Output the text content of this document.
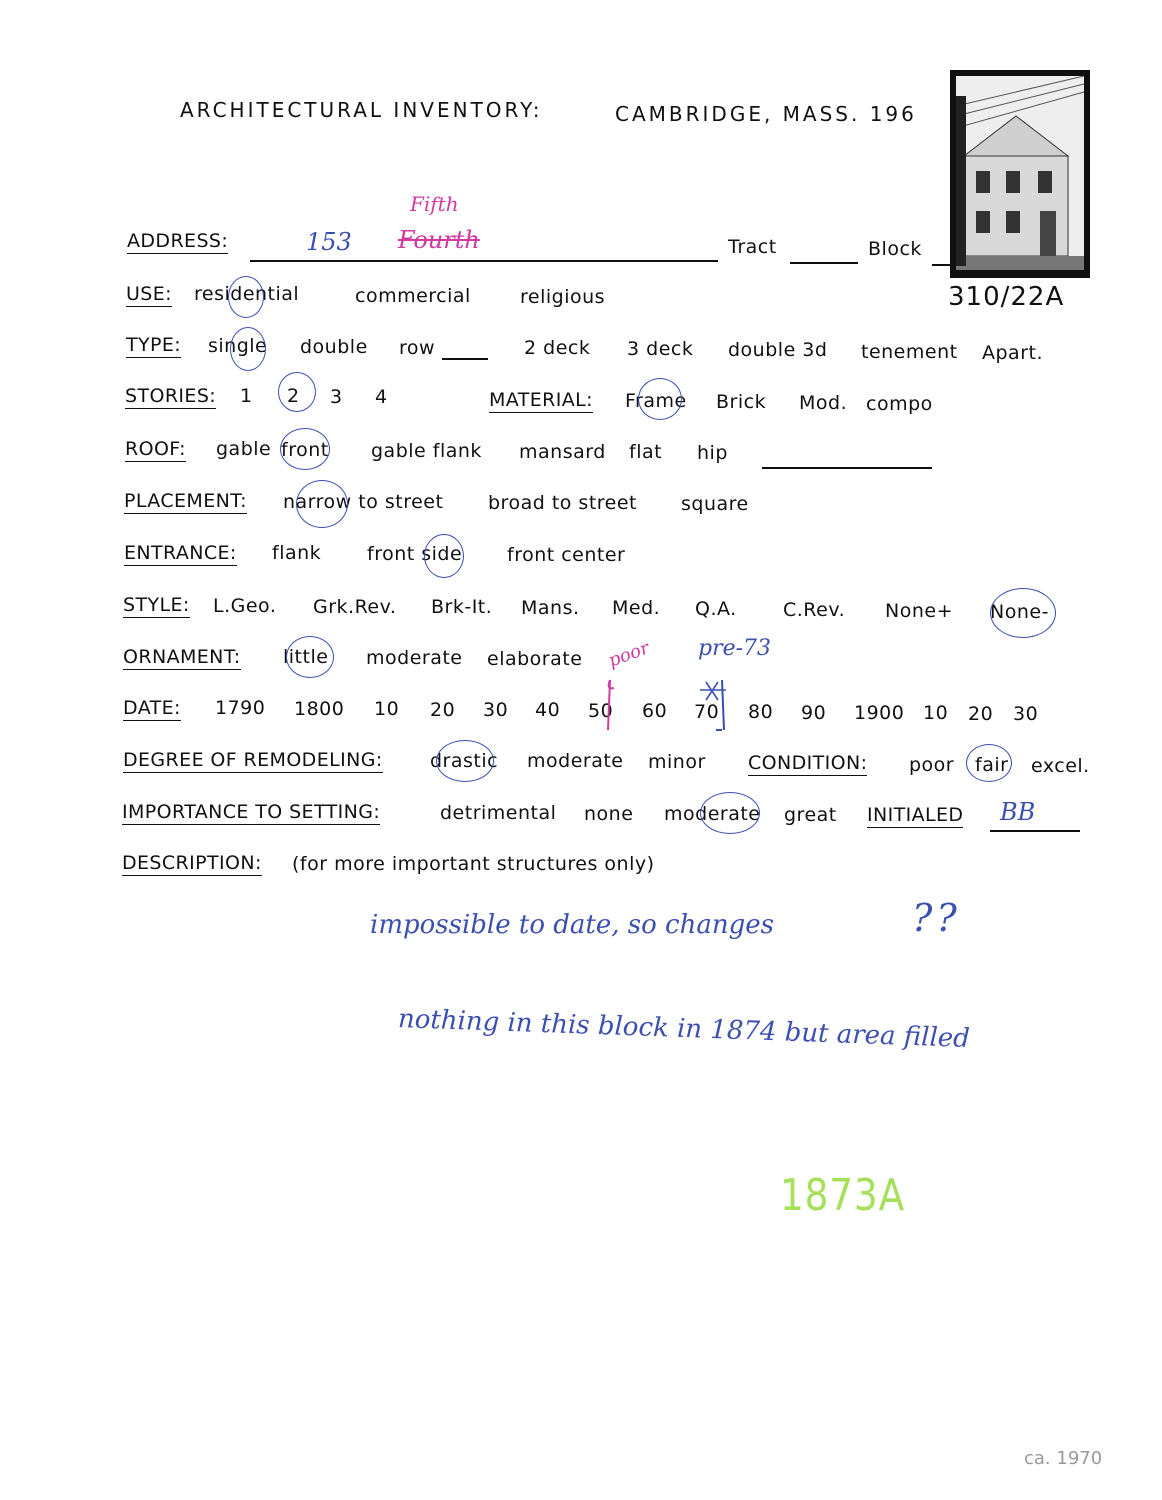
ARCHITECTURAL INVENTORY:	CAMBRIDGE, MASS. 196
310/22A
ADDRESS:	153 Fourth
Fifth
Tract	Block
USE: residential	commercial	religious
TYPE: single double row	2 deck 3 deck double 3d tenement Apart.
STORIES: 1 2 3 4	MATERIAL: Frame Brick Mod. compo
ROOF: gable front gable flank mansard flat hip
PLACEMENT: narrow to street broad to street square
ENTRANCE: flank front side front center
STYLE: L.Geo. Grk.Rev. Brk-It. Mans. Med. Q.A. C.Rev. None+ None-
ORNAMENT: little moderate elaborate poor pre-73
DATE: 1790 1800 10 20 30 40 50 60 70 80 90 1900 10 20 30
DEGREE OF REMODELING: drastic moderate minor CONDITION: poor fair excel.
IMPORTANCE TO SETTING:	detrimental none moderate great INITIALED BB
DESCRIPTION: (for more important structures only)
impossible to date, so changes	??
nothing in this block in 1874 but area filled
1873A
ca. 1970
